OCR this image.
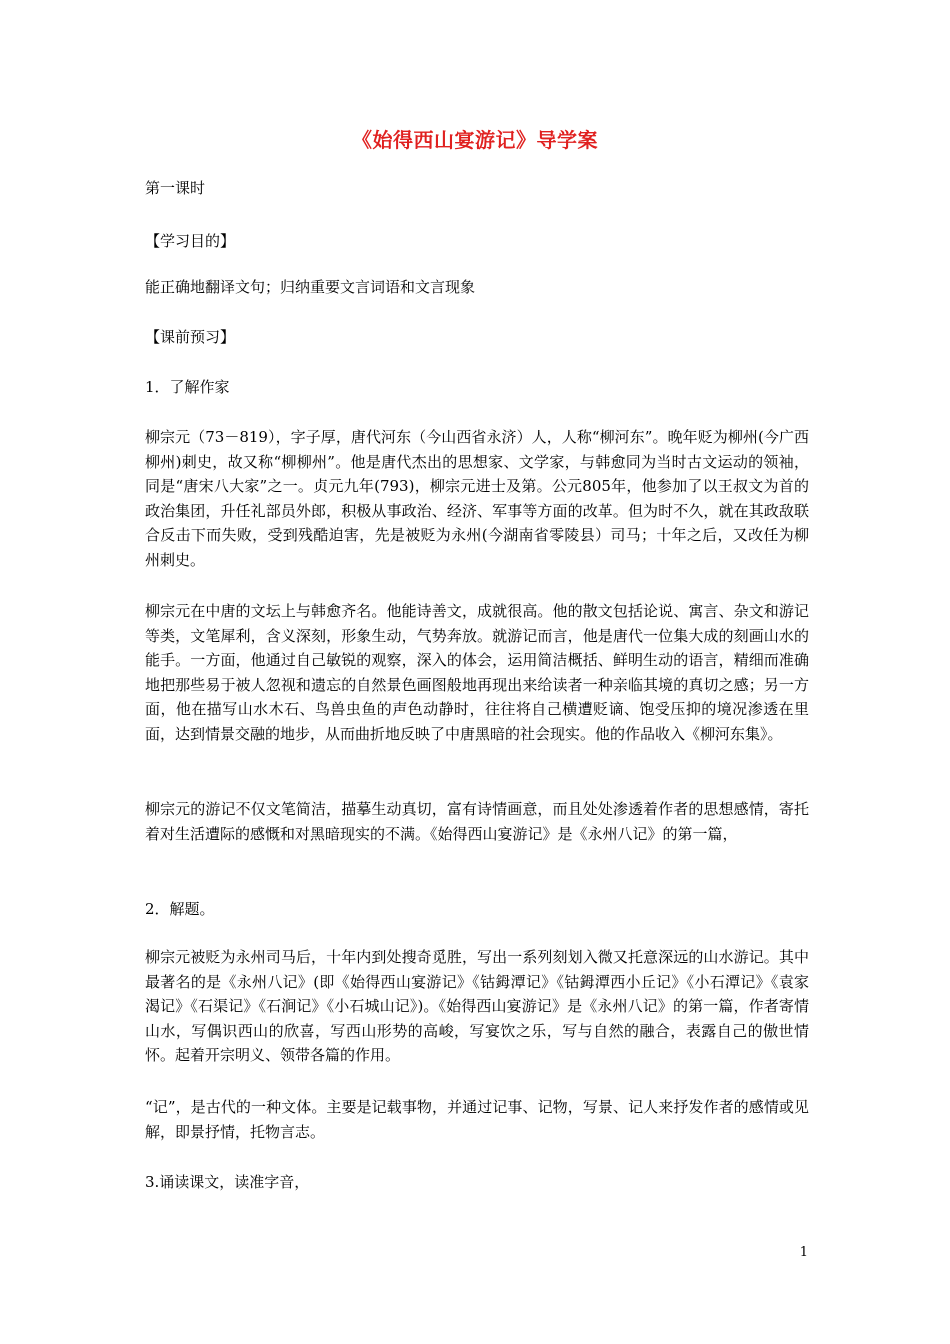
《始得西山宴游记》导学案
第一课时
【学习目的】
能正确地翻译文句；归纳重要文言词语和文言现象
【课前预习】
1．了解作家
柳宗元（73－819），字子厚，唐代河东（今山西省永济）人，人称“柳河东”。晚年贬为柳州(今广西柳州)刺史，故又称“柳柳州”。他是唐代杰出的思想家、文学家，与韩愈同为当时古文运动的领袖，同是“唐宋八大家”之一。贞元九年(793)，柳宗元进士及第。公元805年，他参加了以王叔文为首的政治集团，升任礼部员外郎，积极从事政治、经济、军事等方面的改革。但为时不久，就在其政敌联合反击下而失败，受到残酷迫害，先是被贬为永州(今湖南省零陵县）司马；十年之后，又改任为柳州刺史。
柳宗元在中唐的文坛上与韩愈齐名。他能诗善文，成就很高。他的散文包括论说、寓言、杂文和游记等类，文笔犀利，含义深刻，形象生动，气势奔放。就游记而言，他是唐代一位集大成的刻画山水的能手。一方面，他通过自己敏锐的观察，深入的体会，运用简洁概括、鲜明生动的语言，精细而准确地把那些易于被人忽视和遗忘的自然景色画图般地再现出来给读者一种亲临其境的真切之感；另一方面，他在描写山水木石、鸟兽虫鱼的声色动静时，往往将自己横遭贬谪、饱受压抑的境况渗透在里面，达到情景交融的地步，从而曲折地反映了中唐黑暗的社会现实。他的作品收入《柳河东集》。
柳宗元的游记不仅文笔简洁，描摹生动真切，富有诗情画意，而且处处渗透着作者的思想感情，寄托着对生活遭际的感慨和对黑暗现实的不满。《始得西山宴游记》是《永州八记》的第一篇，
2．解题。
柳宗元被贬为永州司马后，十年内到处搜奇觅胜，写出一系列刻划入微又托意深远的山水游记。其中最著名的是《永州八记》(即《始得西山宴游记》《钴鉧潭记》《钴鉧潭西小丘记》《小石潭记》《袁家渴记》《石渠记》《石涧记》《小石城山记》)。《始得西山宴游记》是《永州八记》的第一篇，作者寄情山水，写偶识西山的欣喜，写西山形势的高峻，写宴饮之乐，写与自然的融合，表露自己的傲世情怀。起着开宗明义、领带各篇的作用。
“记”，是古代的一种文体。主要是记载事物，并通过记事、记物，写景、记人来抒发作者的感情或见解，即景抒情，托物言志。
3.诵读课文，读准字音，
1
